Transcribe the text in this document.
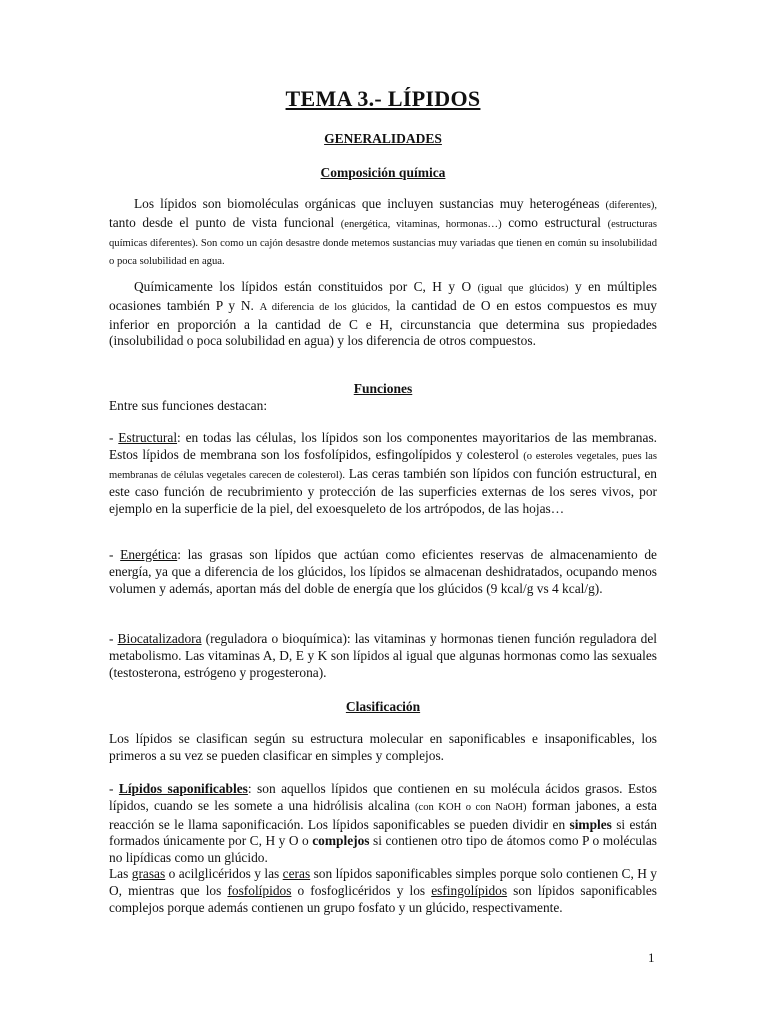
TEMA 3.- LÍPIDOS
GENERALIDADES
Composición química

Los lípidos son biomoléculas orgánicas que incluyen sustancias muy heterogéneas (diferentes), tanto desde el punto de vista funcional (energética, vitaminas, hormonas…) como estructural (estructuras químicas diferentes). Son como un cajón desastre donde metemos sustancias muy variadas que tienen en común su insolubilidad o poca solubilidad en agua.

Químicamente los lípidos están constituidos por C, H y O (igual que glúcidos) y en múltiples ocasiones también P y N. A diferencia de los glúcidos, la cantidad de O en estos compuestos es muy inferior en proporción a la cantidad de C e H, circunstancia que determina sus propiedades (insolubilidad o poca solubilidad en agua) y los diferencia de otros compuestos.

Funciones

Entre sus funciones destacan:

- Estructural: en todas las células, los lípidos son los componentes mayoritarios de las membranas. Estos lípidos de membrana son los fosfolípidos, esfingolípidos y colesterol (o esteroles vegetales, pues las membranas de células vegetales carecen de colesterol). Las ceras también son lípidos con función estructural, en este caso función de recubrimiento y protección de las superficies externas de los seres vivos, por ejemplo en la superficie de la piel, del exoesqueleto de los artrópodos, de las hojas…

- Energética: las grasas son lípidos que actúan como eficientes reservas de almacenamiento de energía, ya que a diferencia de los glúcidos, los lípidos se almacenan deshidratados, ocupando menos volumen y además, aportan más del doble de energía que los glúcidos (9 kcal/g vs 4 kcal/g).

- Biocatalizadora (reguladora o bioquímica): las vitaminas y hormonas tienen función reguladora del metabolismo. Las vitaminas A, D, E y K son lípidos al igual que algunas hormonas como las sexuales (testosterona, estrógeno y progesterona).

Clasificación

Los lípidos se clasifican según su estructura molecular en saponificables e insaponificables, los primeros a su vez se pueden clasificar en simples y complejos.

- Lípidos saponificables: son aquellos lípidos que contienen en su molécula ácidos grasos. Estos lípidos, cuando se les somete a una hidrólisis alcalina (con KOH o con NaOH) forman jabones, a esta reacción se le llama saponificación. Los lípidos saponificables se pueden dividir en simples si están formados únicamente por C, H y O o complejos si contienen otro tipo de átomos como P o moléculas no lipídicas como un glúcido.

Las grasas o acilglicéridos y las ceras son lípidos saponificables simples porque solo contienen C, H y O, mientras que los fosfolípidos o fosfoglicéridos y los esfingolípidos son lípidos saponificables complejos porque además contienen un grupo fosfato y un glúcido, respectivamente.

1
